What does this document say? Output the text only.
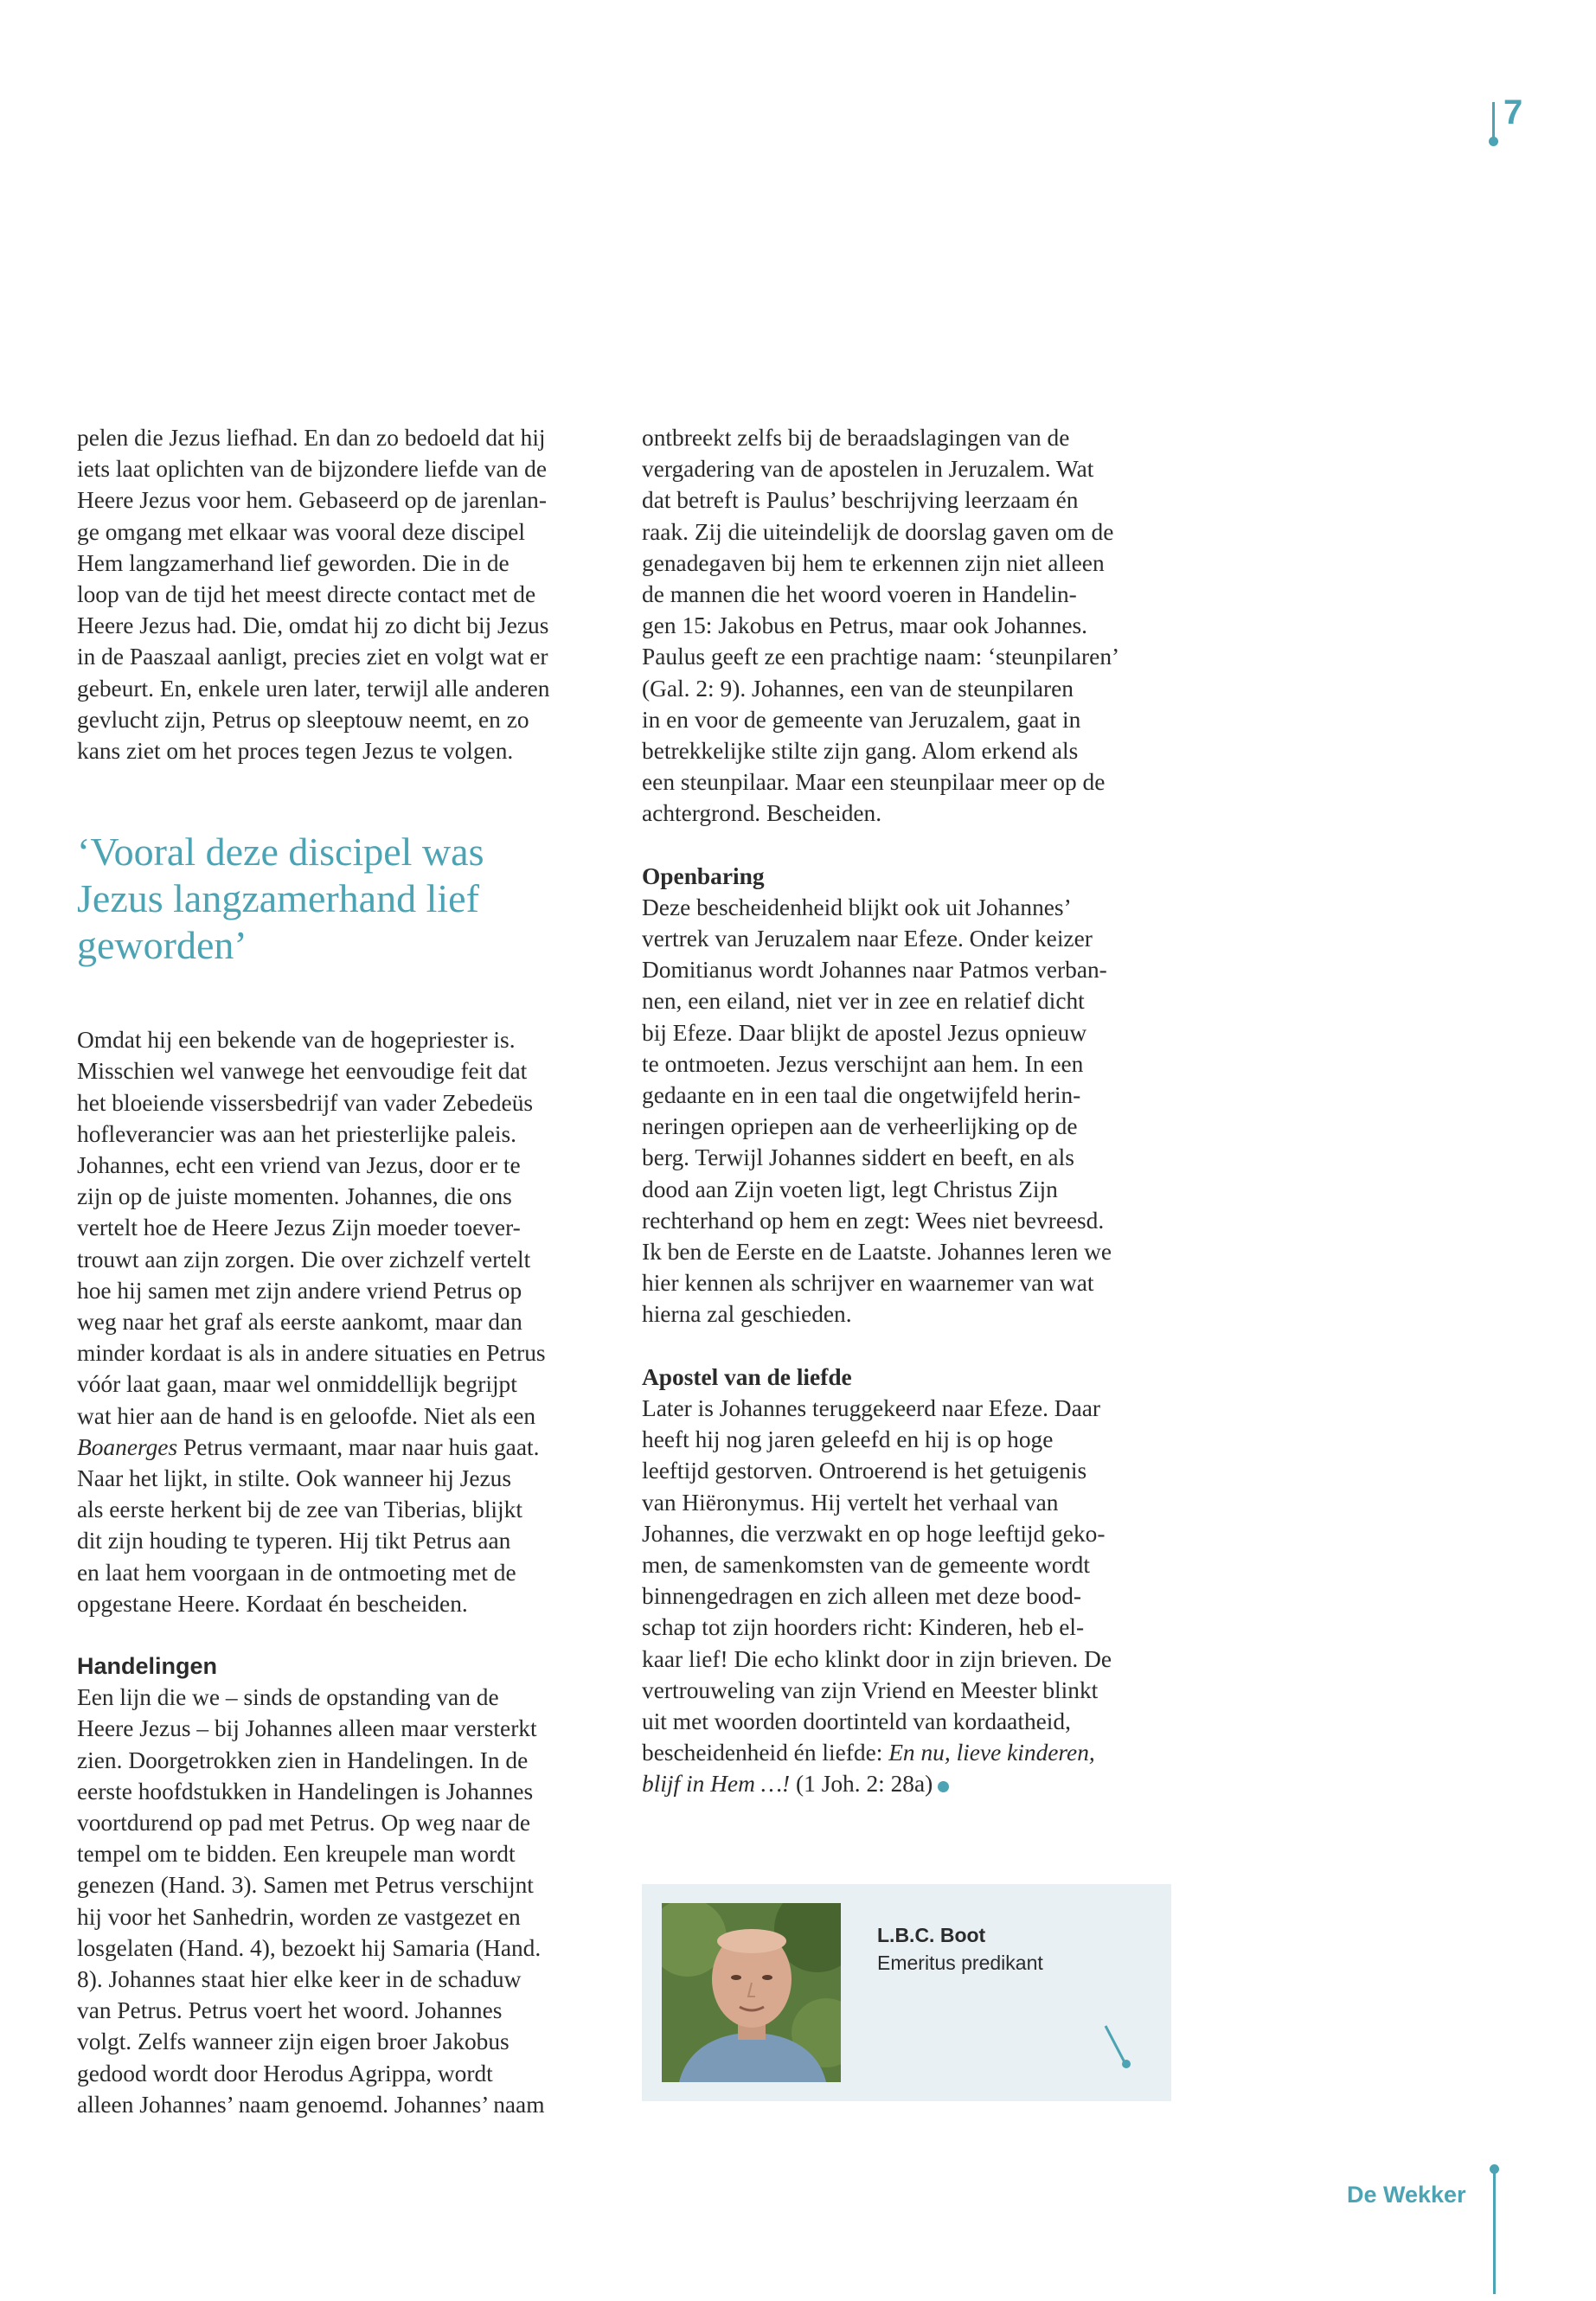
7

pelen die Jezus liefhad. En dan zo bedoeld dat hij
iets laat oplichten van de bijzondere liefde van de
Heere Jezus voor hem. Gebaseerd op de jarenlan-
ge omgang met elkaar was vooral deze discipel
Hem langzamerhand lief geworden. Die in de
loop van de tijd het meest directe contact met de
Heere Jezus had. Die, omdat hij zo dicht bij Jezus
in de Paaszaal aanligt, precies ziet en volgt wat er
gebeurt. En, enkele uren later, terwijl alle anderen
gevlucht zijn, Petrus op sleeptouw neemt, en zo
kans ziet om het proces tegen Jezus te volgen.

‘Vooral deze discipel was
Jezus langzamerhand lief
geworden’

Omdat hij een bekende van de hogepriester is.
Misschien wel vanwege het eenvoudige feit dat
het bloeiende vissersbedrijf van vader Zebedeüs
hofleverancier was aan het priesterlijke paleis.
Johannes, echt een vriend van Jezus, door er te
zijn op de juiste momenten. Johannes, die ons
vertelt hoe de Heere Jezus Zijn moeder toever-
trouwt aan zijn zorgen. Die over zichzelf vertelt
hoe hij samen met zijn andere vriend Petrus op
weg naar het graf als eerste aankomt, maar dan
minder kordaat is als in andere situaties en Petrus
vóór laat gaan, maar wel onmiddellijk begrijpt
wat hier aan de hand is en geloofde. Niet als een
Boanerges Petrus vermaant, maar naar huis gaat.
Naar het lijkt, in stilte. Ook wanneer hij Jezus
als eerste herkent bij de zee van Tiberias, blijkt
dit zijn houding te typeren. Hij tikt Petrus aan
en laat hem voorgaan in de ontmoeting met de
opgestane Heere. Kordaat én bescheiden.

Handelingen

Een lijn die we – sinds de opstanding van de
Heere Jezus – bij Johannes alleen maar versterkt
zien. Doorgetrokken zien in Handelingen. In de
eerste hoofdstukken in Handelingen is Johannes
voortdurend op pad met Petrus. Op weg naar de
tempel om te bidden. Een kreupele man wordt
genezen (Hand. 3). Samen met Petrus verschijnt
hij voor het Sanhedrin, worden ze vastgezet en
losgelaten (Hand. 4), bezoekt hij Samaria (Hand.
8). Johannes staat hier elke keer in de schaduw
van Petrus. Petrus voert het woord. Johannes
volgt. Zelfs wanneer zijn eigen broer Jakobus
gedood wordt door Herodus Agrippa, wordt
alleen Johannes’ naam genoemd. Johannes’ naam

ontbreekt zelfs bij de beraadslagingen van de
vergadering van de apostelen in Jeruzalem. Wat
dat betreft is Paulus’ beschrijving leerzaam én
raak. Zij die uiteindelijk de doorslag gaven om de
genadegaven bij hem te erkennen zijn niet alleen
de mannen die het woord voeren in Handelin-
gen 15: Jakobus en Petrus, maar ook Johannes.
Paulus geeft ze een prachtige naam: ‘steunpilaren’
(Gal. 2: 9). Johannes, een van de steunpilaren
in en voor de gemeente van Jeruzalem, gaat in
betrekkelijke stilte zijn gang. Alom erkend als
een steunpilaar. Maar een steunpilaar meer op de
achtergrond. Bescheiden.

Openbaring

Deze bescheidenheid blijkt ook uit Johannes’
vertrek van Jeruzalem naar Efeze. Onder keizer
Domitianus wordt Johannes naar Patmos verban-
nen, een eiland, niet ver in zee en relatief dicht
bij Efeze. Daar blijkt de apostel Jezus opnieuw
te ontmoeten. Jezus verschijnt aan hem. In een
gedaante en in een taal die ongetwijfeld herin-
neringen opriepen aan de verheerlijking op de
berg. Terwijl Johannes siddert en beeft, en als
dood aan Zijn voeten ligt, legt Christus Zijn
rechterhand op hem en zegt: Wees niet bevreesd.
Ik ben de Eerste en de Laatste. Johannes leren we
hier kennen als schrijver en waarnemer van wat
hierna zal geschieden.

Apostel van de liefde

Later is Johannes teruggekeerd naar Efeze. Daar
heeft hij nog jaren geleefd en hij is op hoge
leeftijd gestorven. Ontroerend is het getuigenis
van Hiëronymus. Hij vertelt het verhaal van
Johannes, die verzwakt en op hoge leeftijd geko-
men, de samenkomsten van de gemeente wordt
binnengedragen en zich alleen met deze bood-
schap tot zijn hoorders richt: Kinderen, heb el-
kaar lief! Die echo klinkt door in zijn brieven. De
vertrouweling van zijn Vriend en Meester blinkt
uit met woorden doortinteld van kordaatheid,
bescheidenheid én liefde: En nu, lieve kinderen,
blijf in Hem …! (1 Joh. 2: 28a)

L.B.C. Boot
Emeritus predikant
De Wekker
